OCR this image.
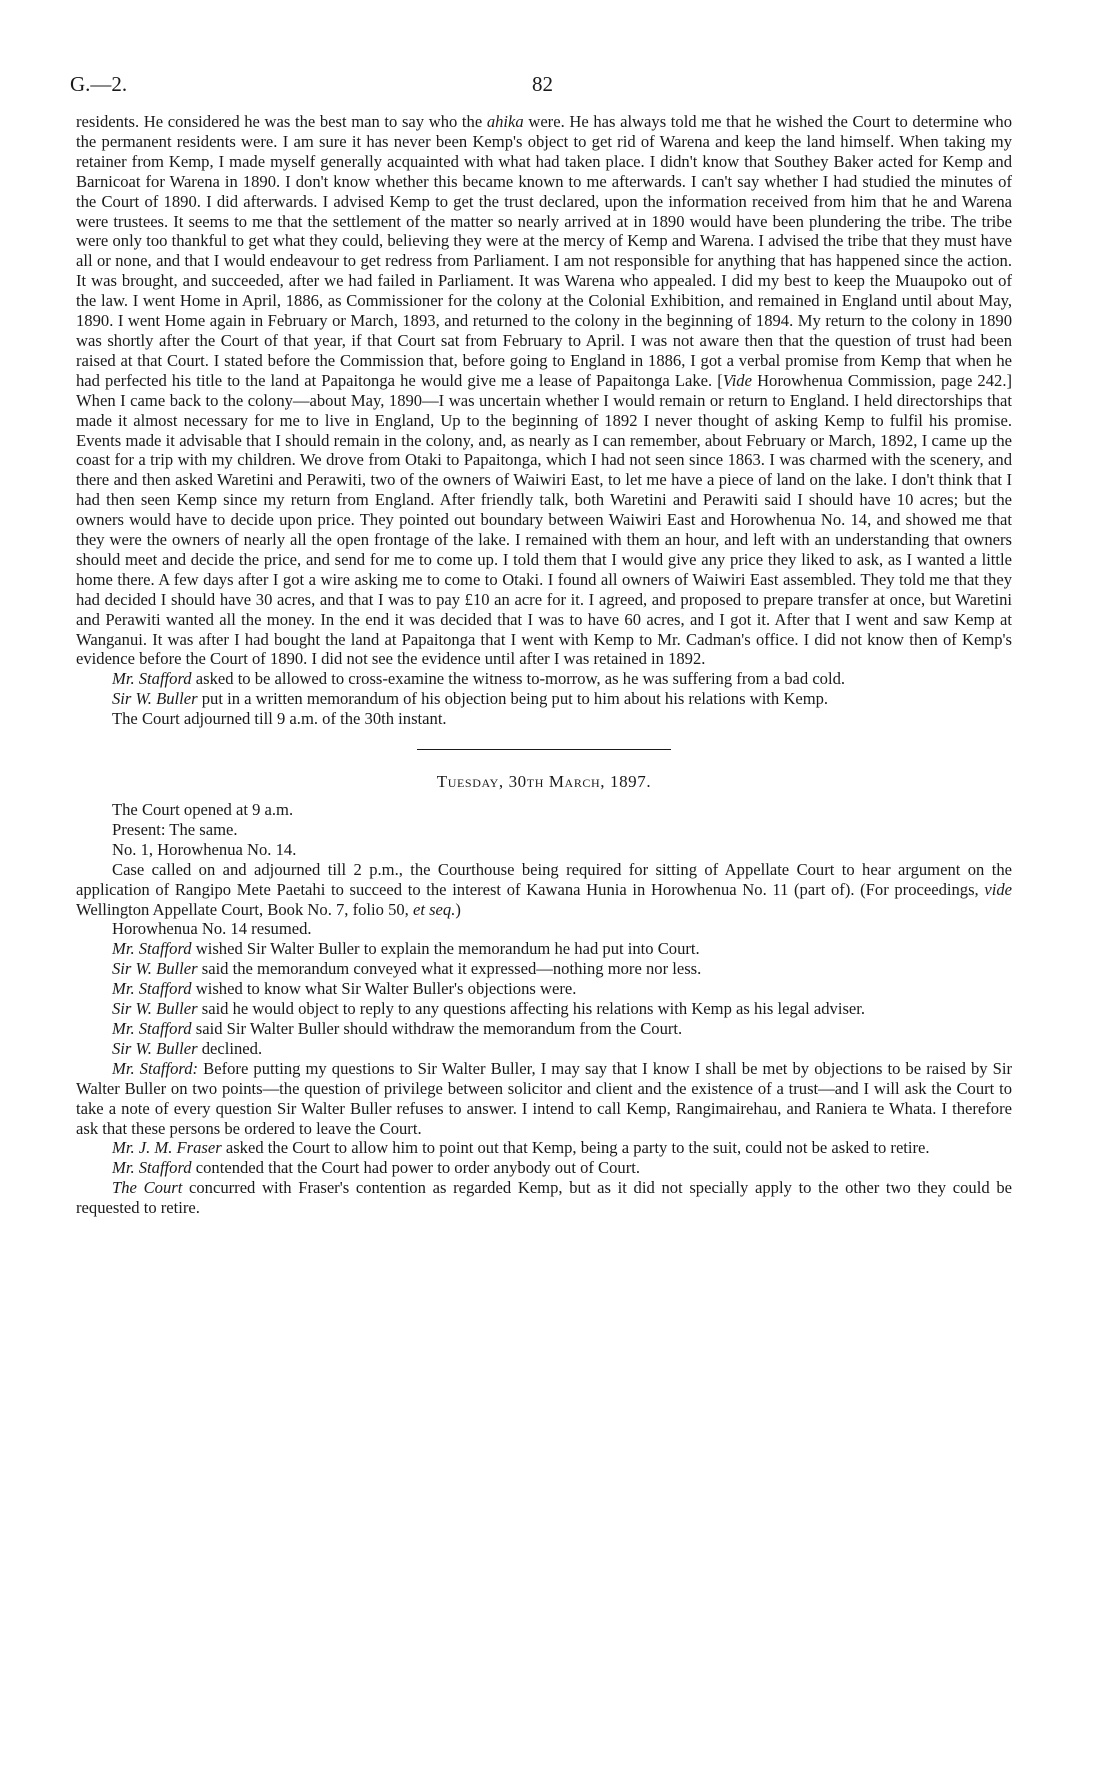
G.—2.	82

residents. He considered he was the best man to say who the ahika were. He has always told me that he wished the Court to determine who the permanent residents were. I am sure it has never been Kemp's object to get rid of Warena and keep the land himself. When taking my retainer from Kemp, I made myself generally acquainted with what had taken place. I didn't know that Southey Baker acted for Kemp and Barnicoat for Warena in 1890. I don't know whether this became known to me afterwards. I can't say whether I had studied the minutes of the Court of 1890. I did afterwards. I advised Kemp to get the trust declared, upon the information received from him that he and Warena were trustees. It seems to me that the settlement of the matter so nearly arrived at in 1890 would have been plundering the tribe. The tribe were only too thankful to get what they could, believing they were at the mercy of Kemp and Warena. I advised the tribe that they must have all or none, and that I would endeavour to get redress from Parliament. I am not responsible for anything that has happened since the action. It was brought, and succeeded, after we had failed in Parliament. It was Warena who appealed. I did my best to keep the Muaupoko out of the law. I went Home in April, 1886, as Commissioner for the colony at the Colonial Exhibition, and remained in England until about May, 1890. I went Home again in February or March, 1893, and returned to the colony in the beginning of 1894. My return to the colony in 1890 was shortly after the Court of that year, if that Court sat from February to April. I was not aware then that the question of trust had been raised at that Court. I stated before the Commission that, before going to England in 1886, I got a verbal promise from Kemp that when he had perfected his title to the land at Papaitonga he would give me a lease of Papaitonga Lake. [Vide Horowhenua Commission, page 242.] When I came back to the colony—about May, 1890—I was uncertain whether I would remain or return to England. I held directorships that made it almost necessary for me to live in England, Up to the beginning of 1892 I never thought of asking Kemp to fulfil his promise. Events made it advisable that I should remain in the colony, and, as nearly as I can remember, about February or March, 1892, I came up the coast for a trip with my children. We drove from Otaki to Papaitonga, which I had not seen since 1863. I was charmed with the scenery, and there and then asked Waretini and Perawiti, two of the owners of Waiwiri East, to let me have a piece of land on the lake. I don't think that I had then seen Kemp since my return from England. After friendly talk, both Waretini and Perawiti said I should have 10 acres; but the owners would have to decide upon price. They pointed out boundary between Waiwiri East and Horowhenua No. 14, and showed me that they were the owners of nearly all the open frontage of the lake. I remained with them an hour, and left with an understanding that owners should meet and decide the price, and send for me to come up. I told them that I would give any price they liked to ask, as I wanted a little home there. A few days after I got a wire asking me to come to Otaki. I found all owners of Waiwiri East assembled. They told me that they had decided I should have 30 acres, and that I was to pay £10 an acre for it. I agreed, and proposed to prepare transfer at once, but Waretini and Perawiti wanted all the money. In the end it was decided that I was to have 60 acres, and I got it. After that I went and saw Kemp at Wanganui. It was after I had bought the land at Papaitonga that I went with Kemp to Mr. Cadman's office. I did not know then of Kemp's evidence before the Court of 1890. I did not see the evidence until after I was retained in 1892.

Mr. Stafford asked to be allowed to cross-examine the witness to-morrow, as he was suffering from a bad cold.

Sir W. Buller put in a written memorandum of his objection being put to him about his relations with Kemp.

The Court adjourned till 9 a.m. of the 30th instant.

Tuesday, 30th March, 1897.

The Court opened at 9 a.m.

Present: The same.

No. 1, Horowhenua No. 14.

Case called on and adjourned till 2 p.m., the Courthouse being required for sitting of Appellate Court to hear argument on the application of Rangipo Mete Paetahi to succeed to the interest of Kawana Hunia in Horowhenua No. 11 (part of). (For proceedings, vide Wellington Appellate Court, Book No. 7, folio 50, et seq.)

Horowhenua No. 14 resumed.

Mr. Stafford wished Sir Walter Buller to explain the memorandum he had put into Court.

Sir W. Buller said the memorandum conveyed what it expressed—nothing more nor less.

Mr. Stafford wished to know what Sir Walter Buller's objections were.

Sir W. Buller said he would object to reply to any questions affecting his relations with Kemp as his legal adviser.

Mr. Stafford said Sir Walter Buller should withdraw the memorandum from the Court.

Sir W. Buller declined.

Mr. Stafford: Before putting my questions to Sir Walter Buller, I may say that I know I shall be met by objections to be raised by Sir Walter Buller on two points—the question of privilege between solicitor and client and the existence of a trust—and I will ask the Court to take a note of every question Sir Walter Buller refuses to answer. I intend to call Kemp, Rangimairehau, and Raniera te Whata. I therefore ask that these persons be ordered to leave the Court.

Mr. J. M. Fraser asked the Court to allow him to point out that Kemp, being a party to the suit, could not be asked to retire.

Mr. Stafford contended that the Court had power to order anybody out of Court.

The Court concurred with Fraser's contention as regarded Kemp, but as it did not specially apply to the other two they could be requested to retire.
